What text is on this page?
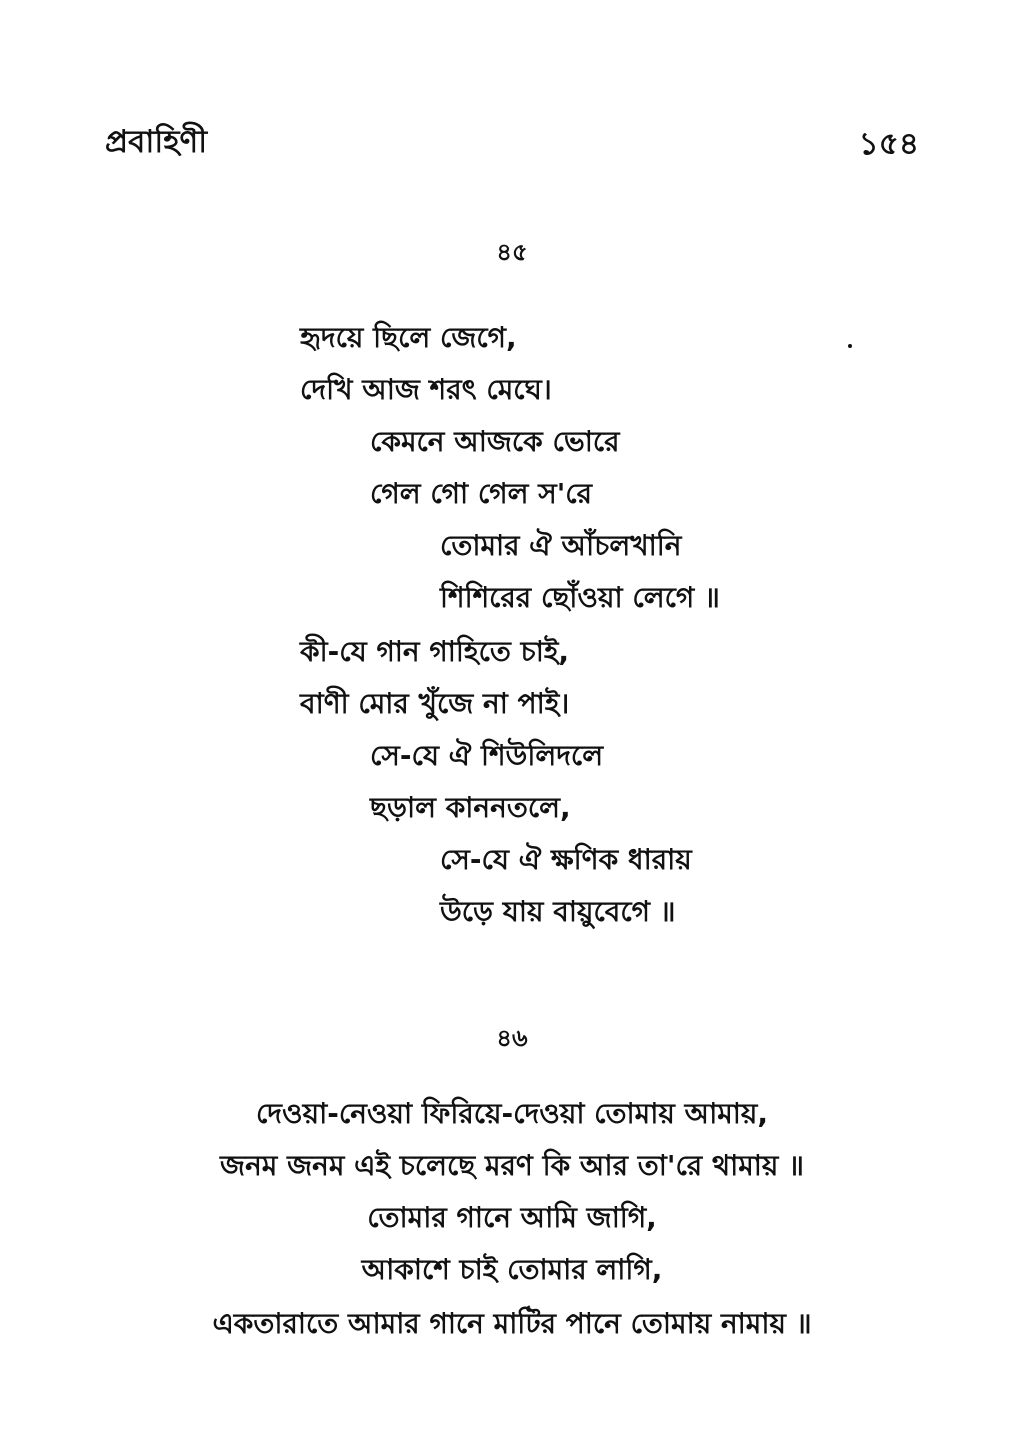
প্রবাহিণী	১৫৪
৪৫
হৃদয়ে ছিলে জেগে,
দেখি আজ শরৎ মেঘে।
কেমনে আজকে ভোরে
গেল গো গেল স'রে
তোমার ঐ আঁচলখানি
শিশিরের ছোঁওয়া লেগে ॥
কী-যে গান গাহিতে চাই,
বাণী মোর খুঁজে না পাই।
সে-যে ঐ শিউলিদলে
ছড়াল কাননতলে,
সে-যে ঐ ক্ষণিক ধারায়
উড়ে যায় বায়ুবেগে ॥
৪৬
দেওয়া-নেওয়া ফিরিয়ে-দেওয়া তোমায় আমায়,
জনম জনম এই চলেছে মরণ কি আর তা'রে থামায় ॥
তোমার গানে আমি জাগি,
আকাশে চাই তোমার লাগি,
একতারাতে আমার গানে মাটির পানে তোমায় নামায় ॥
